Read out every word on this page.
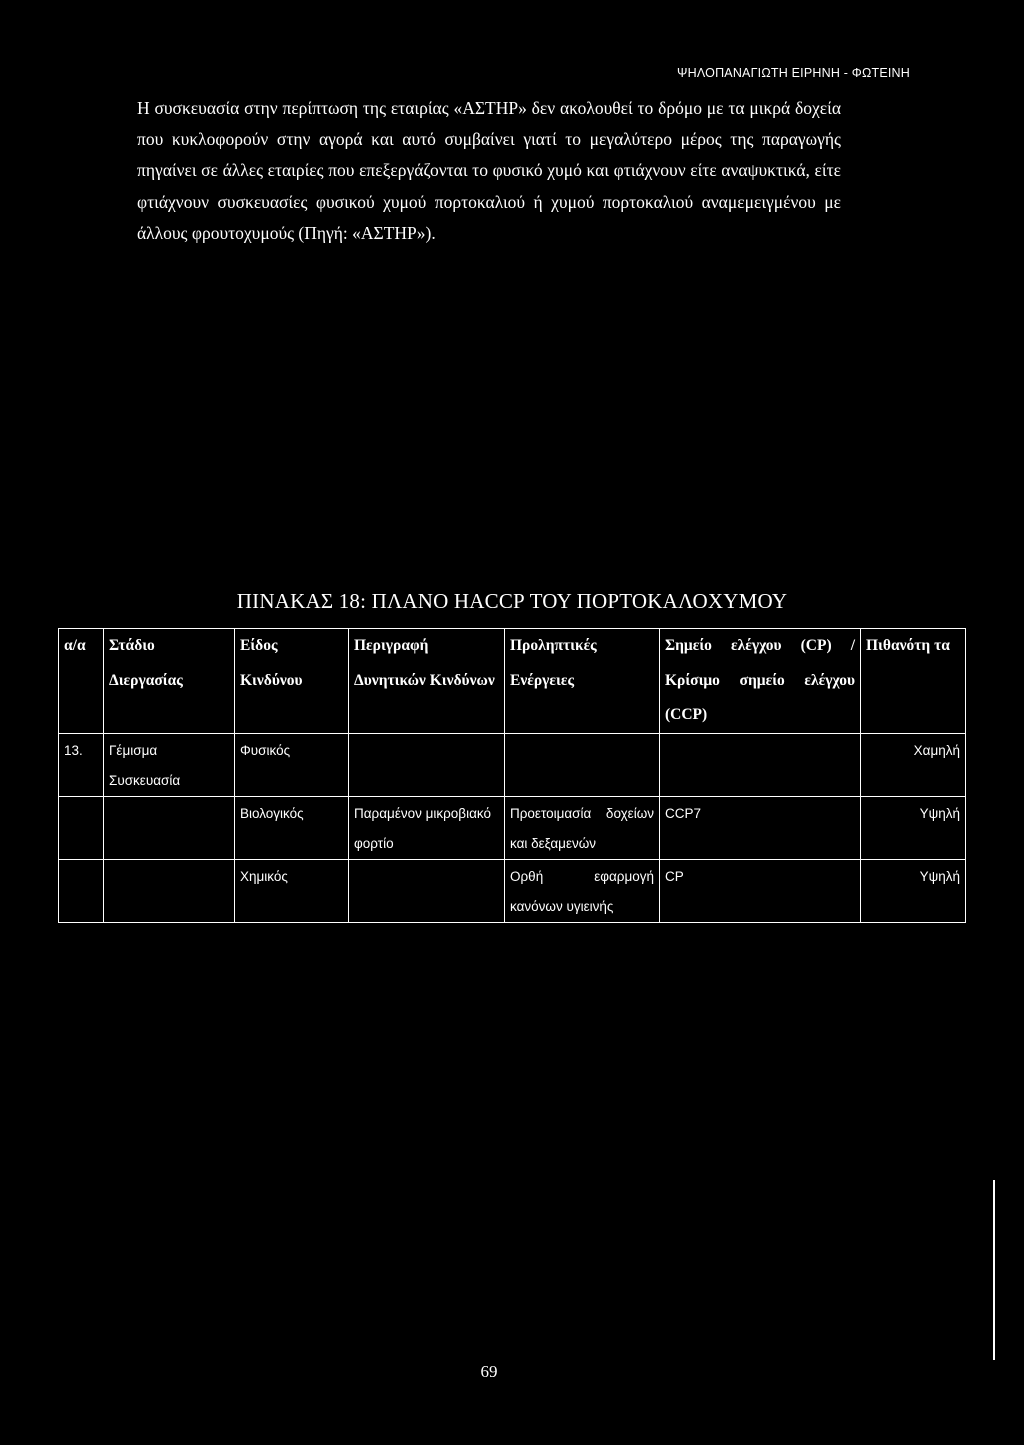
ΨΗΛΟΠΑΝΑΓΙΩΤΗ ΕΙΡΗΝΗ - ΦΩΤΕΙΝΗ

Η συσκευασία στην περίπτωση της εταιρίας «ΑΣΤΗΡ» δεν ακολουθεί το δρόμο με τα μικρά δοχεία που κυκλοφορούν στην αγορά και αυτό συμβαίνει γιατί το μεγαλύτερο μέρος της παραγωγής πηγαίνει σε άλλες εταιρίες που επεξεργάζονται το φυσικό χυμό και φτιάχνουν είτε αναψυκτικά, είτε φτιάχνουν συσκευασίες φυσικού χυμού πορτοκαλιού ή χυμού πορτοκαλιού αναμεμειγμένου με άλλους φρουτοχυμούς (Πηγή: «ΑΣΤΗΡ»).

ΠΙΝΑΚΑΣ 18: ΠΛΑΝΟ HACCP ΤΟΥ ΠΟΡΤΟΚΑΛΟΧΥΜΟΥ
α/α	Στάδιο Διεργασίας	Είδος Κινδύνου	Περιγραφή Δυνητικών Κινδύνων	Προληπτικές Ενέργειες	Σημείο ελέγχου (CP) / Κρίσιμο σημείο ελέγχου (CCP)	Πιθανότη τα
13.	Γέμισμα Συσκευασία	Φυσικός				Χαμηλή
		Βιολογικός	Παραμένον μικροβιακό φορτίο	Προετοιμασία δοχείων και δεξαμενών	CCP7	Υψηλή
		Χημικός		Ορθή εφαρμογή κανόνων υγιεινής	CP	Υψηλή
69
